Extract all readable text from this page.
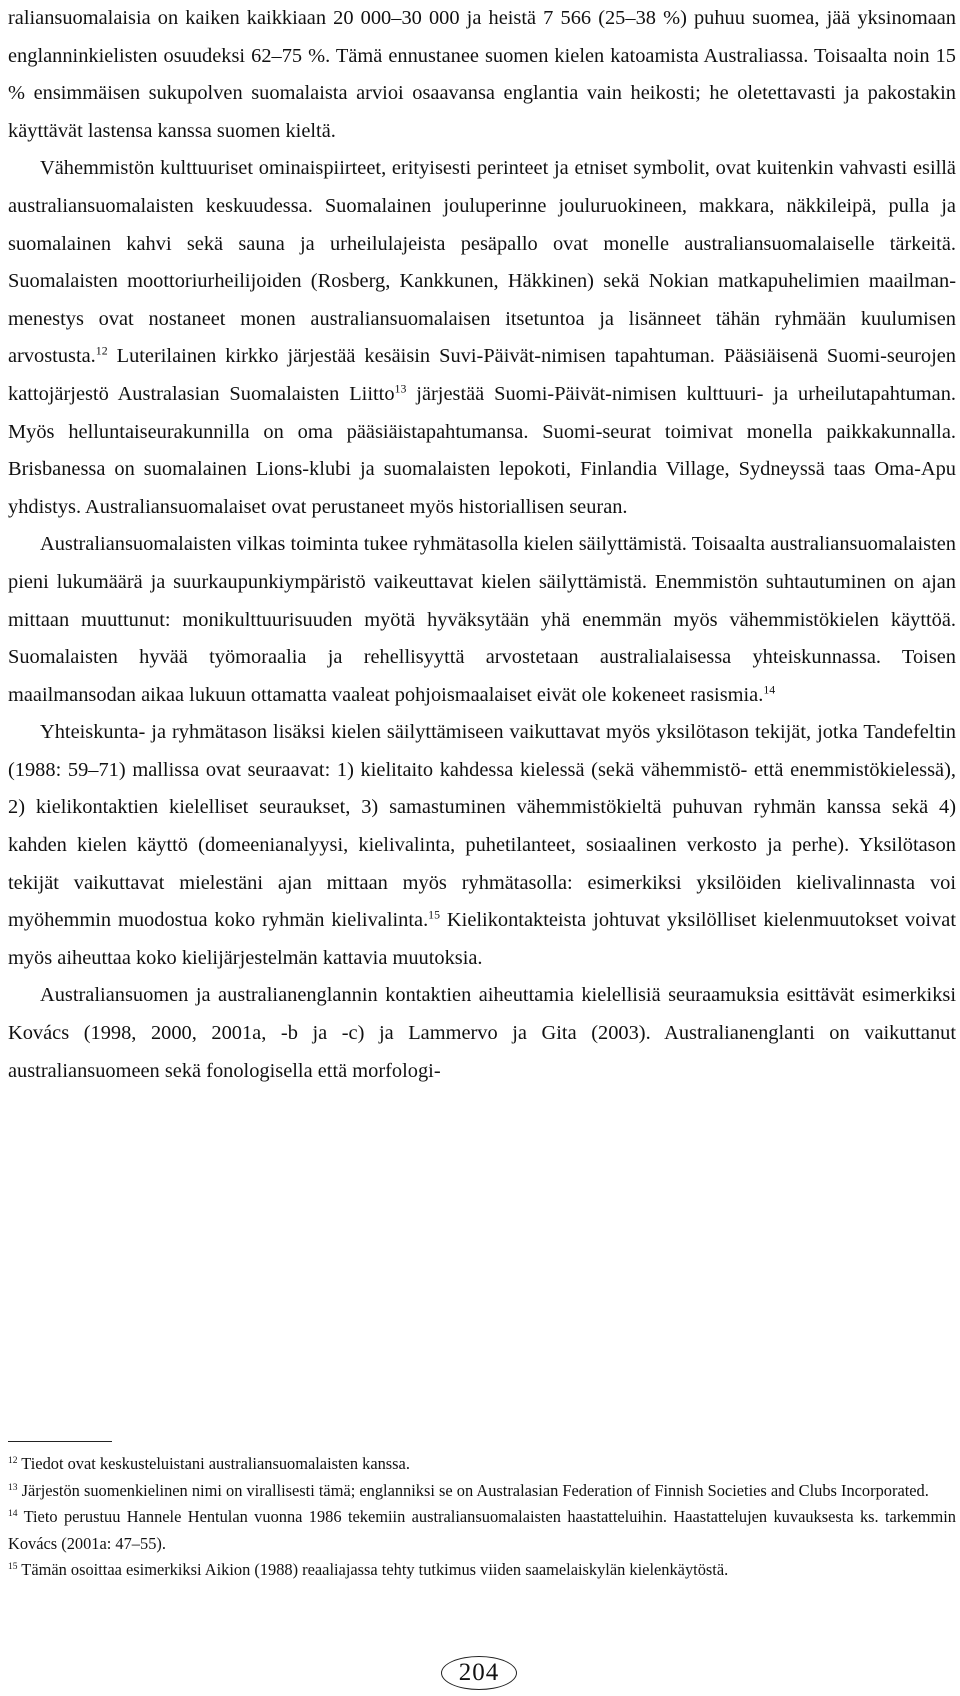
raliansuomalaisia on kaiken kaikkiaan 20 000–30 000 ja heistä 7 566 (25–38 %) puhuu suomea, jää yksinomaan englanninkielisten osuudeksi 62–75 %. Tämä ennustanee suomen kielen katoamista Australiassa. Toisaalta noin 15 % ensimmäisen sukupolven suomalaista arvioi osaavansa englantia vain heikosti; he oletettavasti ja pakostakin käyttävät lastensa kanssa suomen kieltä.

Vähemmistön kulttuuriset ominaispiirteet, erityisesti perinteet ja etniset symbolit, ovat kuitenkin vahvasti esillä australiansuomalaisten keskuudessa. Suomalainen jouluperinne jouluruokineen, makkara, näkkileipä, pulla ja suomalainen kahvi sekä sauna ja urheilulajeista pesäpallo ovat monelle australiansuomalaiselle tärkeitä. Suomalaisten moottoriurheilijoiden (Rosberg, Kankkunen, Häkkinen) sekä Nokian matkapuhelimien maailmanmenestys ovat nostaneet monen australiansuomalaisen itsetuntoa ja lisänneet tähän ryhmään kuulumisen arvostusta.$^{12}$ Luterilainen kirkko järjestää kesäisin Suvi-Päivät-nimisen tapahtuman. Pääsiäisenä Suomi-seurojen kattojärjestö Australasian Suomalaisten Liitto$^{13}$ järjestää Suomi-Päivät-nimisen kulttuuri- ja urheilutapahtuman. Myös helluntaiseurakunnilla on oma pääsiäistapahtumansa. Suomi-seurat toimivat monella paikkakunnalla. Brisbanessa on suomalainen Lions-klubi ja suomalaisten lepokoti, Finlandia Village, Sydneyssä taas Oma-Apu yhdistys. Australiansuomalaiset ovat perustaneet myös historiallisen seuran.

Australiansuomalaisten vilkas toiminta tukee ryhmätasolla kielen säilyttämistä. Toisaalta australiansuomalaisten pieni lukumäärä ja suurkaupunkiympäristö vaikeuttavat kielen säilyttämistä. Enemmistön suhtautuminen on ajan mittaan muuttunut: monikulttuurisuuden myötä hyväksytään yhä enemmän myös vähemmistökielen käyttöä. Suomalaisten hyvää työmoraalia ja rehellisyyttä arvostetaan australialaisessa yhteiskunnassa. Toisen maailmansodan aikaa lukuun ottamatta vaaleat pohjoismaalaiset eivät ole kokeneet rasismia.$^{14}$

Yhteiskunta- ja ryhmätason lisäksi kielen säilyttämiseen vaikuttavat myös yksilötason tekijät, jotka Tandefeltin (1988: 59–71) mallissa ovat seuraavat: 1) kielitaito kahdessa kielessä (sekä vähemmistö- että enemmistökielessä), 2) kielikontaktien kielelliset seuraukset, 3) samastuminen vähemmistökieltä puhuvan ryhmän kanssa sekä 4) kahden kielen käyttö (domeenianalyysi, kielivalinta, puhetilanteet, sosiaalinen verkosto ja perhe). Yksilötason tekijät vaikuttavat mielestäni ajan mittaan myös ryhmätasolla: esimerkiksi yksilöiden kielivalinnasta voi myöhemmin muodostua koko ryhmän kielivalinta.$^{15}$ Kielikontakteista johtuvat yksilölliset kielenmuutokset voivat myös aiheuttaa koko kielijärjestelmän kattavia muutoksia.

Australiansuomen ja australianenglannin kontaktien aiheuttamia kielellisiä seuraamuksia esittävät esimerkiksi Kovács (1998, 2000, 2001a, -b ja -c) ja Lammervo ja Gita (2003). Australianenglanti on vaikuttanut australiansuomeen sekä fonologisella että morfologi-

$^{12}$ Tiedot ovat keskusteluistani australiansuomalaisten kanssa.

$^{13}$ Järjestön suomenkielinen nimi on virallisesti tämä; englanniksi se on Australasian Federation of Finnish Societies and Clubs Incorporated.

$^{14}$ Tieto perustuu Hannele Hentulan vuonna 1986 tekemiin australiansuomalaisten haastatteluihin. Haastattelujen kuvauksesta ks. tarkemmin Kovács (2001a: 47–55).

$^{15}$ Tämän osoittaa esimerkiksi Aikion (1988) reaaliajassa tehty tutkimus viiden saamelaiskylän kielenkäytöstä.

204
